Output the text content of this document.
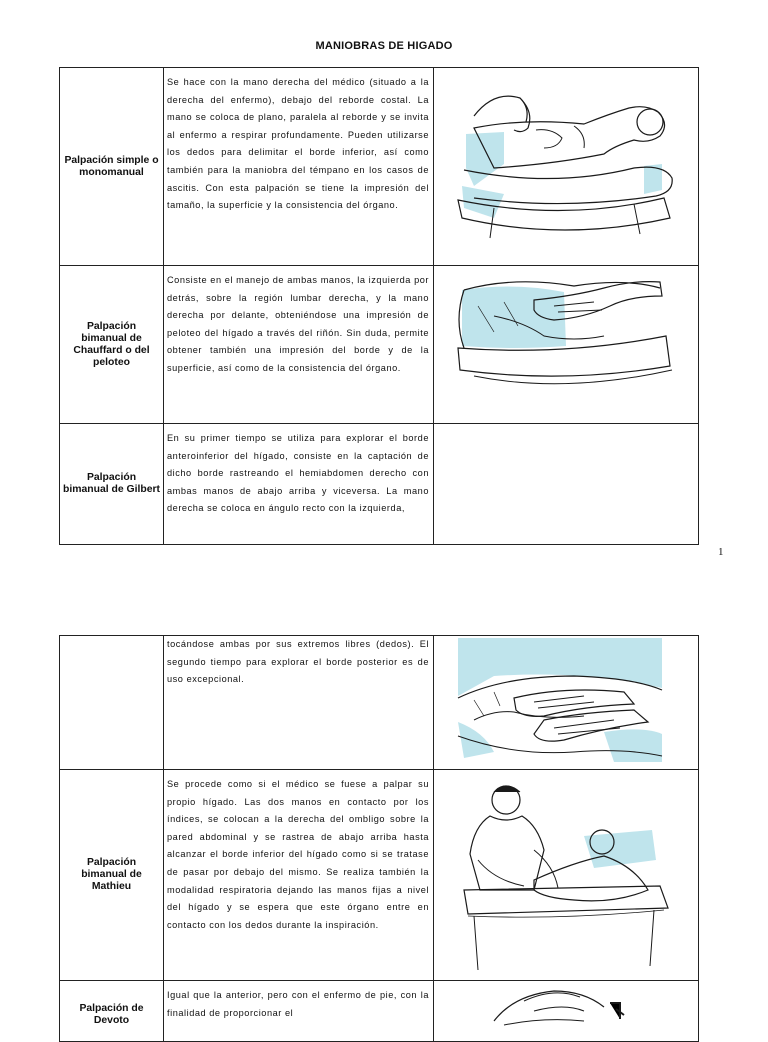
MANIOBRAS DE HIGADO
Palpación simple o monomanual	Se hace con la mano derecha del médico (situado a la derecha del enfermo), debajo del reborde costal. La mano se coloca de plano, paralela al reborde y se invita al enfermo a respirar profundamente. Pueden utilizarse los dedos para delimitar el borde inferior, así como también para la maniobra del témpano en los casos de ascitis. Con esta palpación se tiene la impresión del tamaño, la superficie y la consistencia del órgano.	

Palpación bimanual de Chauffard o del peloteo	Consiste en el manejo de ambas manos, la izquierda por detrás, sobre la región lumbar derecha, y la mano derecha por delante, obteniéndose una impresión de peloteo del hígado a través del riñón. Sin duda, permite obtener también una impresión del borde y de la superficie, así como de la consistencia del órgano.	

Palpación bimanual de Gilbert	En su primer tiempo se utiliza para explorar el borde anteroinferior del hígado, consiste en la captación de dicho borde rastreando el hemiabdomen derecho con ambas manos de abajo arriba y viceversa. La mano derecha se coloca en ángulo recto con la izquierda,	
1
	tocándose ambas por sus extremos libres (dedos). El segundo tiempo para explorar el borde posterior es de uso excepcional.	

Palpación bimanual de Mathieu	Se procede como si el médico se fuese a palpar su propio hígado. Las dos manos en contacto por los índices, se colocan a la derecha del ombligo sobre la pared abdominal y se rastrea de abajo arriba hasta alcanzar el borde inferior del hígado como si se tratase de pasar por debajo del mismo. Se realiza también la modalidad respiratoria dejando las manos fijas a nivel del hígado y se espera que este órgano entre en contacto con los dedos durante la inspiración.	

Palpación de Devoto	Igual que la anterior, pero con el enfermo de pie, con la finalidad de proporcionar el	
